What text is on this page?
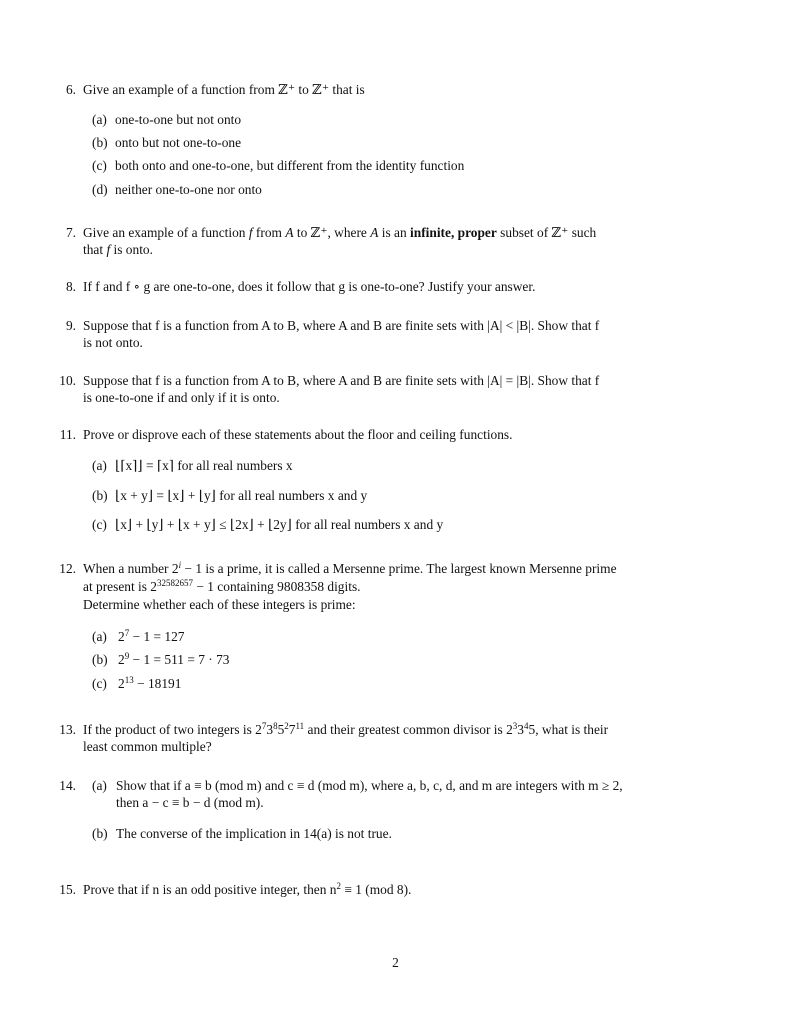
6. Give an example of a function from ℤ⁺ to ℤ⁺ that is
(a) one-to-one but not onto
(b) onto but not one-to-one
(c) both onto and one-to-one, but different from the identity function
(d) neither one-to-one nor onto
7. Give an example of a function f from A to ℤ⁺, where A is an infinite, proper subset of ℤ⁺ such
that f is onto.
8. If f and f ∘ g are one-to-one, does it follow that g is one-to-one? Justify your answer.
9. Suppose that f is a function from A to B, where A and B are finite sets with |A| < |B|. Show that f
is not onto.
10. Suppose that f is a function from A to B, where A and B are finite sets with |A| = |B|. Show that f
is one-to-one if and only if it is onto.
11. Prove or disprove each of these statements about the floor and ceiling functions.
(a) ⌊⌈x⌉⌋ = ⌈x⌉ for all real numbers x
(b) ⌊x + y⌋ = ⌊x⌋ + ⌊y⌋ for all real numbers x and y
(c) ⌊x⌋ + ⌊y⌋ + ⌊x + y⌋ ≤ ⌊2x⌋ + ⌊2y⌋ for all real numbers x and y
12. When a number $2^i - 1$ is a prime, it is called a Mersenne prime. The largest known Mersenne prime
at present is $2^{32582657} - 1$ containing 9808358 digits.
Determine whether each of these integers is prime:
(a) $2^7 - 1 = 127$
(b) $2^9 - 1 = 511 = 7 \cdot 73$
(c) $2^{13} - 18191$
13. If the product of two integers is $2^73^85^27^{11}$ and their greatest common divisor is $2^33^45$, what is their
least common multiple?
14. (a) Show that if a ≡ b (mod m) and c ≡ d (mod m), where a, b, c, d, and m are integers with m ≥ 2,
then a − c ≡ b − d (mod m).
(b) The converse of the implication in 14(a) is not true.
15. Prove that if n is an odd positive integer, then $n^2 \equiv 1$ (mod 8).
2
